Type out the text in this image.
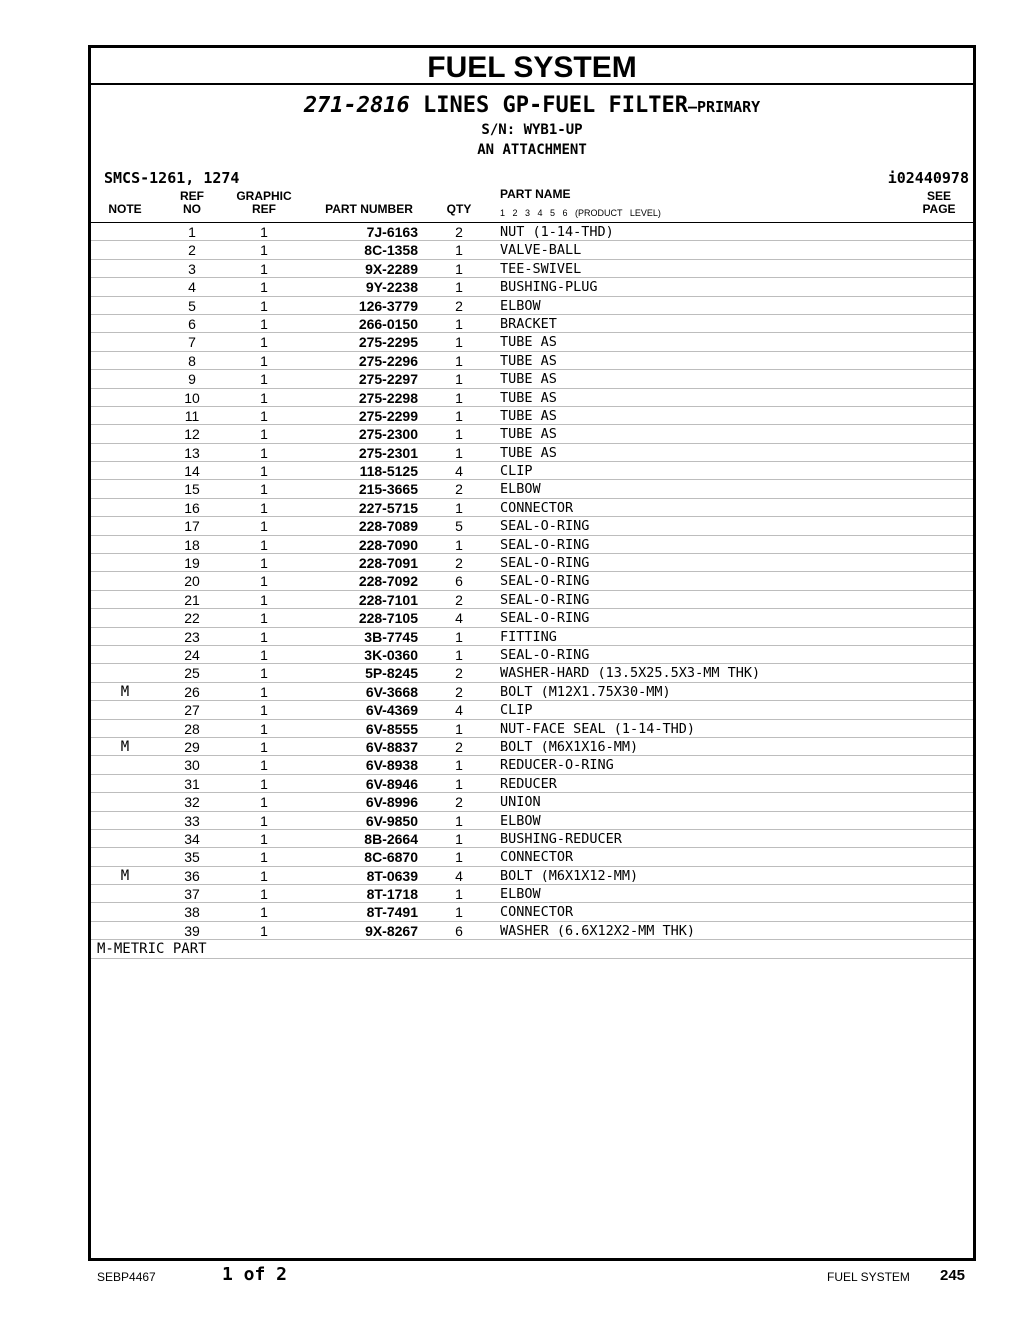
FUEL SYSTEM
271-2816 LINES GP-FUEL FILTER—PRIMARY
S/N: WYB1-UP
AN ATTACHMENT
SMCS-1261, 1274	i02440978
NOTE
REF
NO
GRAPHIC
REF	PART NUMBER	QTY
PART NAME
1 2 3 4 5 6 (PRODUCT LEVEL)
SEE
PAGE
1	1	7J-6163	2	NUT (1-14-THD)
2	1	8C-1358	1	VALVE-BALL
3	1	9X-2289	1	TEE-SWIVEL
4	1	9Y-2238	1	BUSHING-PLUG
5	1	126-3779	2	ELBOW
6	1	266-0150	1	BRACKET
7	1	275-2295	1	TUBE AS
8	1	275-2296	1	TUBE AS
9	1	275-2297	1	TUBE AS
10	1	275-2298	1	TUBE AS
11	1	275-2299	1	TUBE AS
12	1	275-2300	1	TUBE AS
13	1	275-2301	1	TUBE AS
14	1	118-5125	4	CLIP
15	1	215-3665	2	ELBOW
16	1	227-5715	1	CONNECTOR
17	1	228-7089	5	SEAL-O-RING
18	1	228-7090	1	SEAL-O-RING
19	1	228-7091	2	SEAL-O-RING
20	1	228-7092	6	SEAL-O-RING
21	1	228-7101	2	SEAL-O-RING
22	1	228-7105	4	SEAL-O-RING
23	1	3B-7745	1	FITTING
24	1	3K-0360	1	SEAL-O-RING
25	1	5P-8245	2	WASHER-HARD (13.5X25.5X3-MM THK)
M	26	1	6V-3668	2	BOLT (M12X1.75X30-MM)
27	1	6V-4369	4	CLIP
28	1	6V-8555	1	NUT-FACE SEAL (1-14-THD)
M	29	1	6V-8837	2	BOLT (M6X1X16-MM)
30	1	6V-8938	1	REDUCER-O-RING
31	1	6V-8946	1	REDUCER
32	1	6V-8996	2	UNION
33	1	6V-9850	1	ELBOW
34	1	8B-2664	1	BUSHING-REDUCER
35	1	8C-6870	1	CONNECTOR
M	36	1	8T-0639	4	BOLT (M6X1X12-MM)
37	1	8T-1718	1	ELBOW
38	1	8T-7491	1	CONNECTOR
39	1	9X-8267	6	WASHER (6.6X12X2-MM THK)
M-METRIC PART
SEBP4467	1 of 2	FUEL SYSTEM 245
